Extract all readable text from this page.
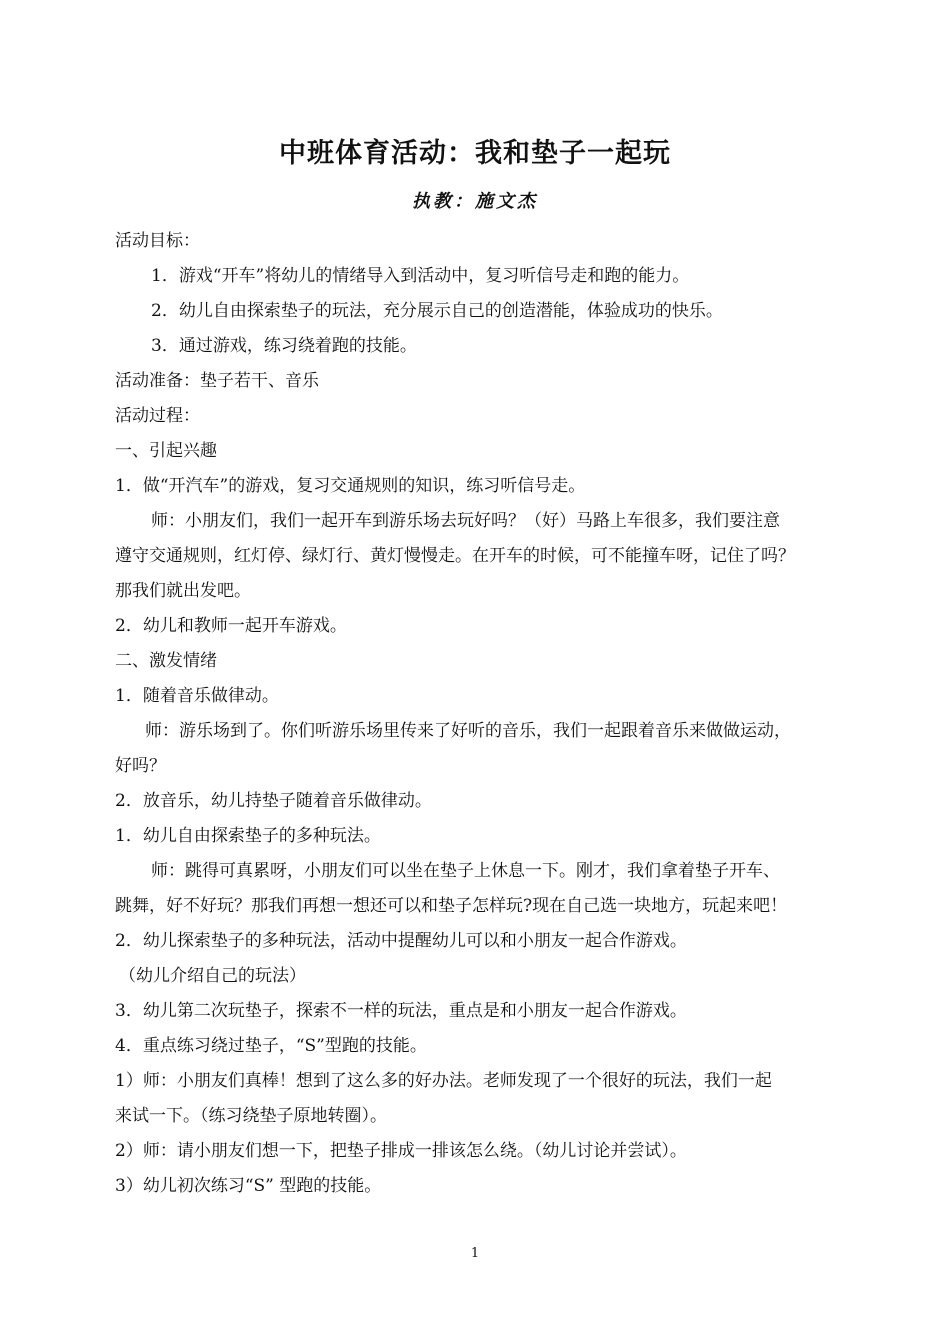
中班体育活动：我和垫子一起玩
执教：施文杰
活动目标：
1．游戏“开车”将幼儿的情绪导入到活动中，复习听信号走和跑的能力。
2．幼儿自由探索垫子的玩法，充分展示自己的创造潜能，体验成功的快乐。
3．通过游戏，练习绕着跑的技能。
活动准备：垫子若干、音乐
活动过程：
一、引起兴趣
1．做“开汽车”的游戏，复习交通规则的知识，练习听信号走。
师：小朋友们，我们一起开车到游乐场去玩好吗？（好）马路上车很多，我们要注意
遵守交通规则，红灯停、绿灯行、黄灯慢慢走。在开车的时候，可不能撞车呀，记住了吗？
那我们就出发吧。
2．幼儿和教师一起开车游戏。
二、激发情绪
1．随着音乐做律动。
师：游乐场到了。你们听游乐场里传来了好听的音乐，我们一起跟着音乐来做做运动，
好吗？
2．放音乐，幼儿持垫子随着音乐做律动。
1．幼儿自由探索垫子的多种玩法。
师：跳得可真累呀，小朋友们可以坐在垫子上休息一下。刚才，我们拿着垫子开车、
跳舞，好不好玩？那我们再想一想还可以和垫子怎样玩?现在自己选一块地方，玩起来吧！
2．幼儿探索垫子的多种玩法，活动中提醒幼儿可以和小朋友一起合作游戏。
（幼儿介绍自己的玩法）
3．幼儿第二次玩垫子，探索不一样的玩法，重点是和小朋友一起合作游戏。
4．重点练习绕过垫子，“S”型跑的技能。
1）师：小朋友们真棒！想到了这么多的好办法。老师发现了一个很好的玩法，我们一起
来试一下。（练习绕垫子原地转圈）。
2）师：请小朋友们想一下，把垫子排成一排该怎么绕。（幼儿讨论并尝试）。
3）幼儿初次练习“S” 型跑的技能。
1
